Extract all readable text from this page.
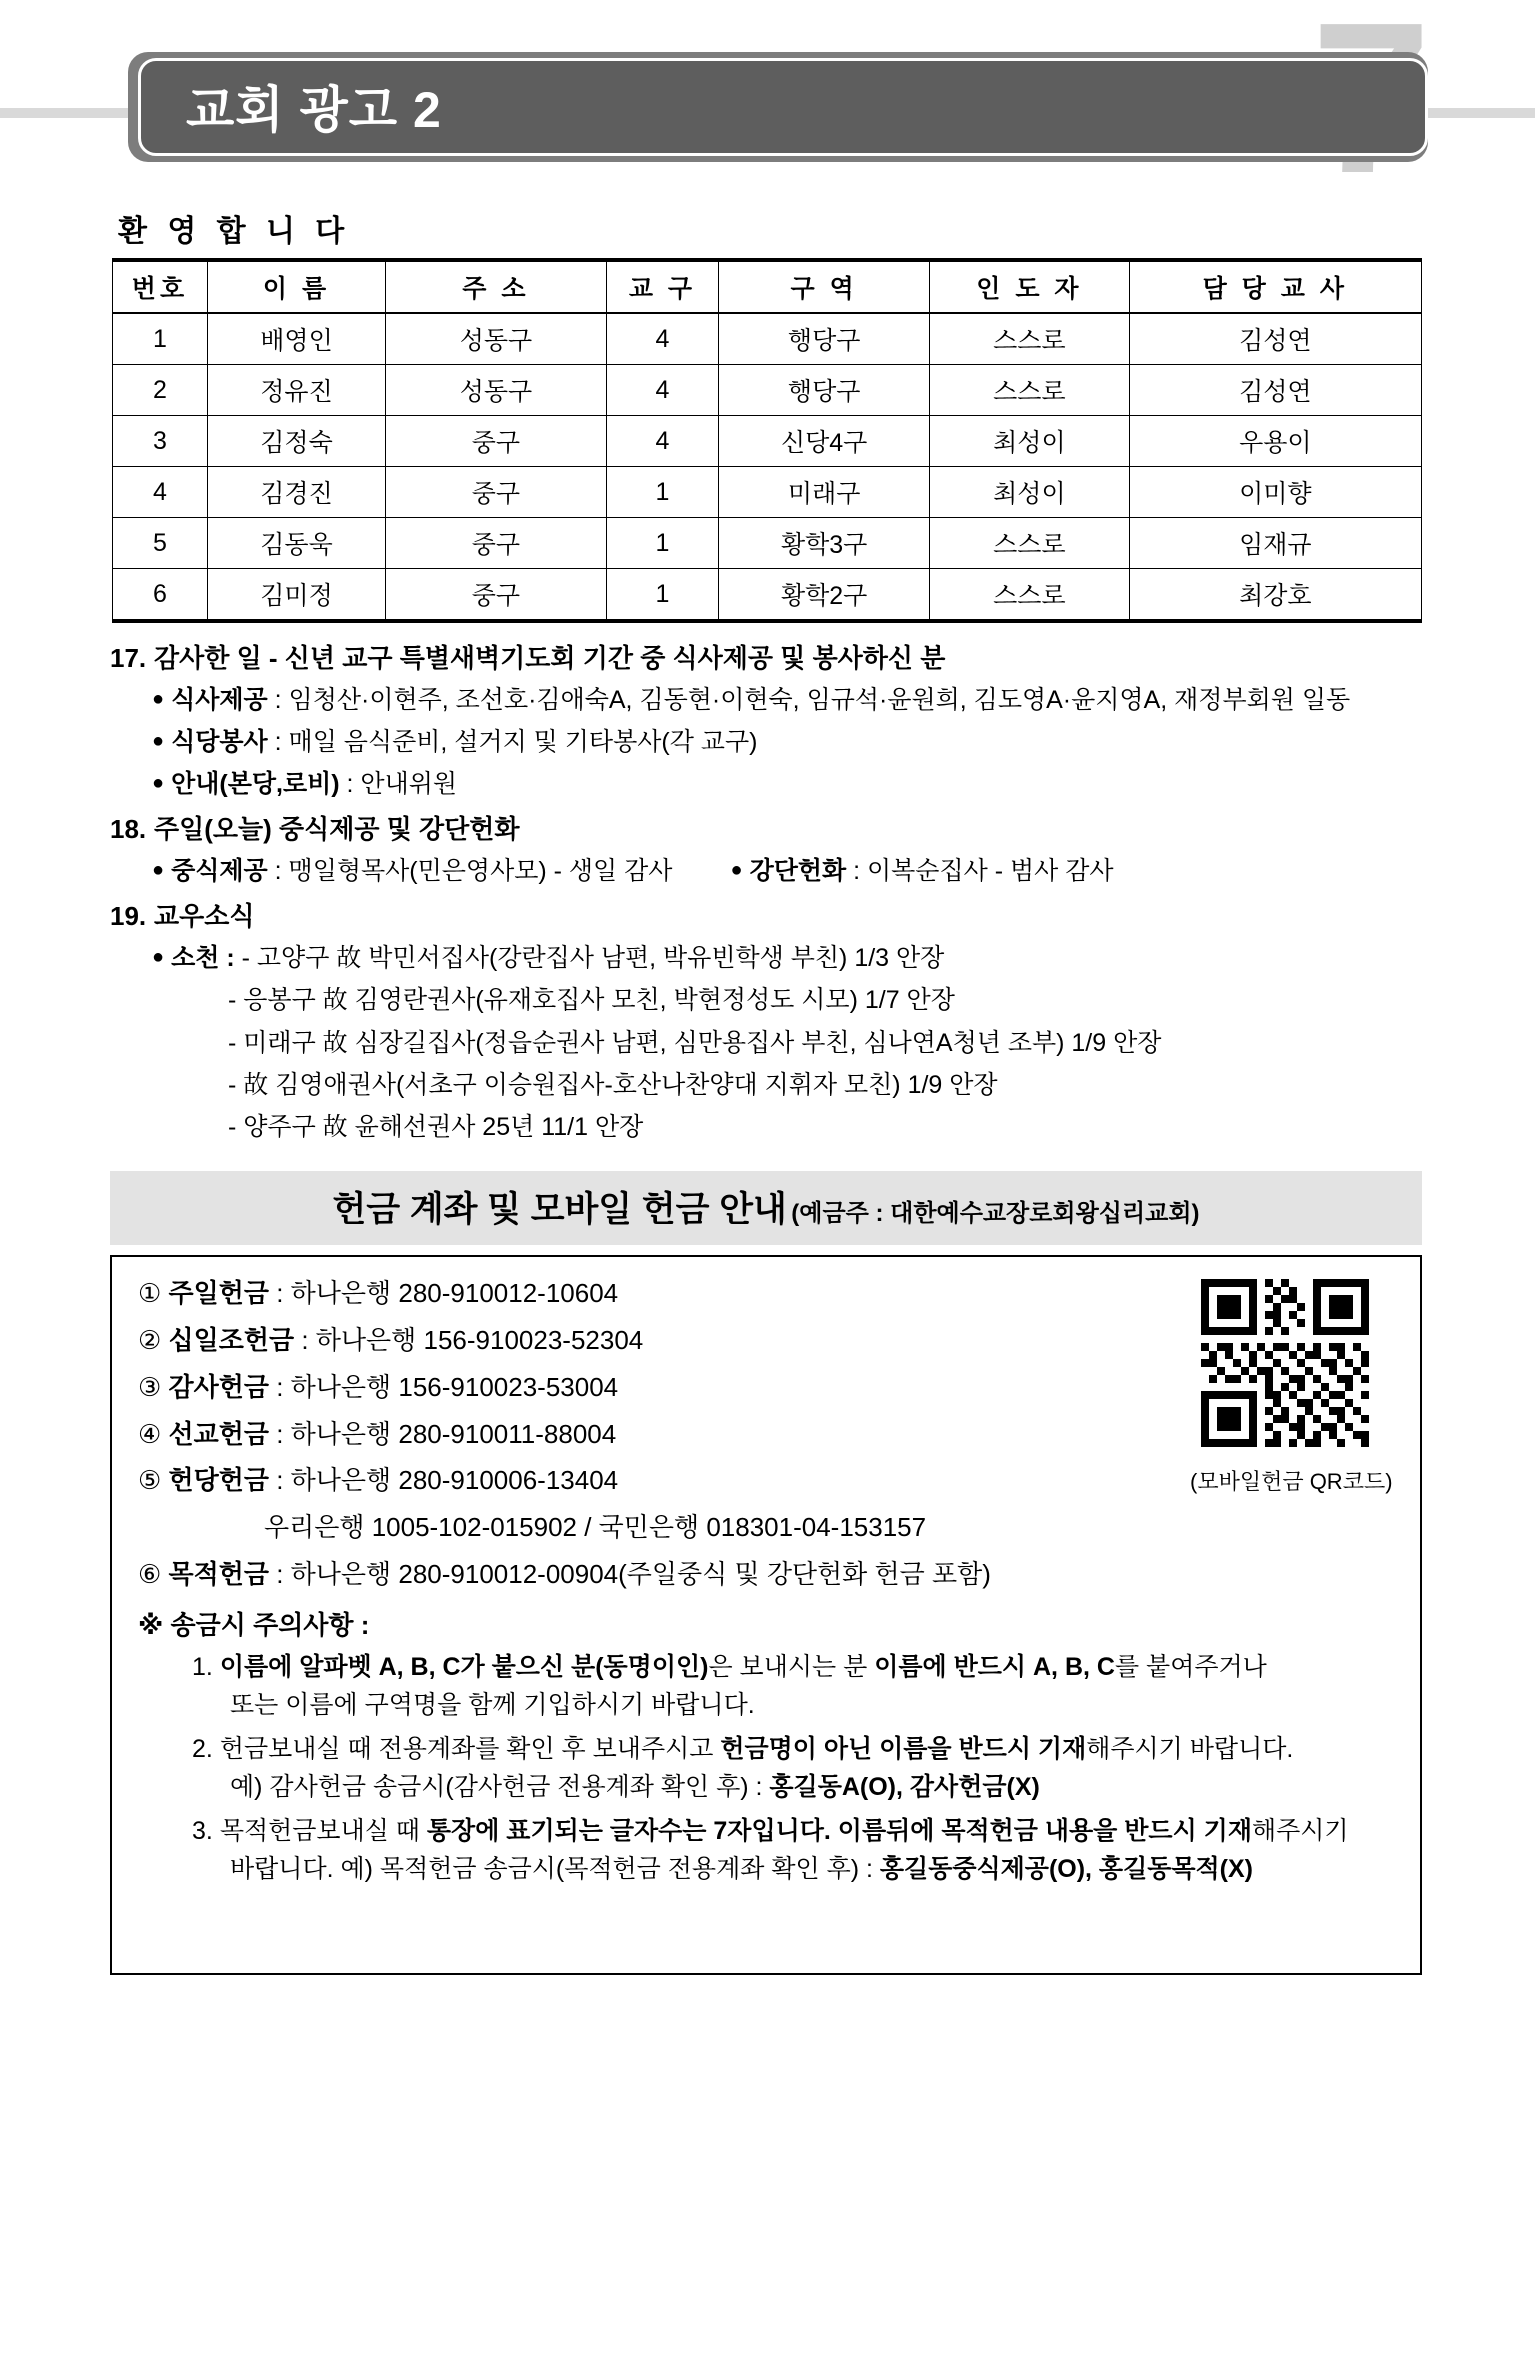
교회 광고 2
환 영 합 니 다
번호	이 름	주 소	교 구	구 역	인 도 자	담 당 교 사
1	배영인	성동구	4	행당구	스스로	김성연
2	정유진	성동구	4	행당구	스스로	김성연
3	김정숙	중구	4	신당4구	최성이	우용이
4	김경진	중구	1	미래구	최성이	이미향
5	김동욱	중구	1	황학3구	스스로	임재규
6	김미정	중구	1	황학2구	스스로	최강호
17. 감사한 일 - 신년 교구 특별새벽기도회 기간 중 식사제공 및 봉사하신 분
● 식사제공 : 임청산·이현주, 조선호·김애숙A, 김동현·이현숙, 임규석·윤원희, 김도영A·윤지영A, 재정부회원 일동
● 식당봉사 : 매일 음식준비, 설거지 및 기타봉사(각 교구)
● 안내(본당,로비) : 안내위원
18. 주일(오늘) 중식제공 및 강단헌화
● 중식제공 : 맹일형목사(민은영사모) - 생일 감사	● 강단헌화 : 이복순집사 - 범사 감사
19. 교우소식
● 소천 : - 고양구 故 박민서집사(강란집사 남편, 박유빈학생 부친) 1/3 안장
- 응봉구 故 김영란권사(유재호집사 모친, 박현정성도 시모) 1/7 안장
- 미래구 故 심장길집사(정읍순권사 남편, 심만용집사 부친, 심나연A청년 조부) 1/9 안장
- 故 김영애권사(서초구 이승원집사-호산나찬양대 지휘자 모친) 1/9 안장
- 양주구 故 윤해선권사 25년 11/1 안장
헌금 계좌 및 모바일 헌금 안내 (예금주 : 대한예수교장로회왕십리교회)
(모바일헌금 QR코드)
① 주일헌금 : 하나은행 280-910012-10604
② 십일조헌금 : 하나은행 156-910023-52304
③ 감사헌금 : 하나은행 156-910023-53004
④ 선교헌금 : 하나은행 280-910011-88004
⑤ 헌당헌금 : 하나은행 280-910006-13404
우리은행 1005-102-015902 / 국민은행 018301-04-153157
⑥ 목적헌금 : 하나은행 280-910012-00904(주일중식 및 강단헌화 헌금 포함)
※ 송금시 주의사항 :
1. 이름에 알파벳 A, B, C가 붙으신 분(동명이인)은 보내시는 분 이름에 반드시 A, B, C를 붙여주거나
또는 이름에 구역명을 함께 기입하시기 바랍니다.
2. 헌금보내실 때 전용계좌를 확인 후 보내주시고 헌금명이 아닌 이름을 반드시 기재해주시기 바랍니다.
예) 감사헌금 송금시(감사헌금 전용계좌 확인 후) : 홍길동A(O), 감사헌금(X)
3. 목적헌금보내실 때 통장에 표기되는 글자수는 7자입니다. 이름뒤에 목적헌금 내용을 반드시 기재해주시기
바랍니다. 예) 목적헌금 송금시(목적헌금 전용계좌 확인 후) : 홍길동중식제공(O), 홍길동목적(X)
